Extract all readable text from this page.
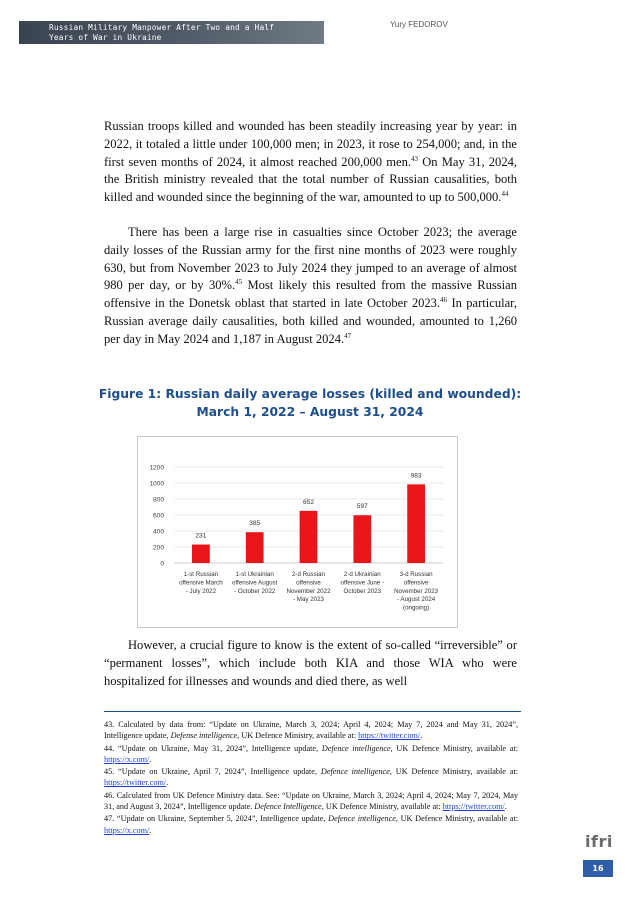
Russian Military Manpower After Two and a Half
Years of War in Ukraine
Yury FEDOROV

Russian troops killed and wounded has been steadily increasing year by year: in 2022, it totaled a little under 100,000 men; in 2023, it rose to 254,000; and, in the first seven months of 2024, it almost reached 200,000 men.$^{43}$ On May 31, 2024, the British ministry revealed that the total number of Russian causalities, both killed and wounded since the beginning of the war, amounted to up to 500,000.44

There has been a large rise in casualties since October 2023; the average daily losses of the Russian army for the first nine months of 2023 were roughly 630, but from November 2023 to July 2024 they jumped to an average of almost 980 per day, or by 30%.$^{45}$ Most likely this resulted from the massive Russian offensive in the Donetsk oblast that started in late October 2023.46 In particular, Russian average daily causalities, both killed and wounded, amounted to 1,260 per day in May 2024 and 1,187 in August 2024.47

Figure 1: Russian daily average losses (killed and wounded):
March 1, 2022 – August 31, 2024
0
200
400
600
800
1000
1200
231
1-st Russian offensive March - July 2022
385
1-st Ukrainian offensive August - October 2022
652
2-d Russian offensive November 2022 - May 2023
597
2-d Ukrainian offensive June -October 2023
983
3-d Russian offensive November 2023 - August 2024 (ongoing)

However, a crucial figure to know is the extent of so-called “irreversible” or “permanent losses”, which include both KIA and those WIA who were hospitalized for illnesses and wounds and died there, as well

43. Calculated by data from: “Update on Ukraine, March 3, 2024; April 4, 2024; May 7, 2024 and May 31, 2024”, Intelligence update, Defense intelligence, UK Defence Ministry, available at: https://twitter.com/.

44. “Update on Ukraine, May 31, 2024”, Intelligence update, Defence intelligence, UK Defence Ministry, available at: https://x.com/.

45. “Update on Ukraine, April 7, 2024”, Intelligence update, Defence intelligence, UK Defence Ministry, available at: https://twitter.com/.

46. Calculated from UK Defence Ministry data. See: “Update on Ukraine, March 3, 2024; April 4, 2024; May 7, 2024, May 31, and August 3, 2024”, Intelligence update. Defence Intelligence, UK Defence Ministry, available at: https://twitter.com/.

47. “Update on Ukraine, September 5, 2024”, Intelligence update, Defence intelligence, UK Defence Ministry, available at: https://x.com/.

ifri
16
